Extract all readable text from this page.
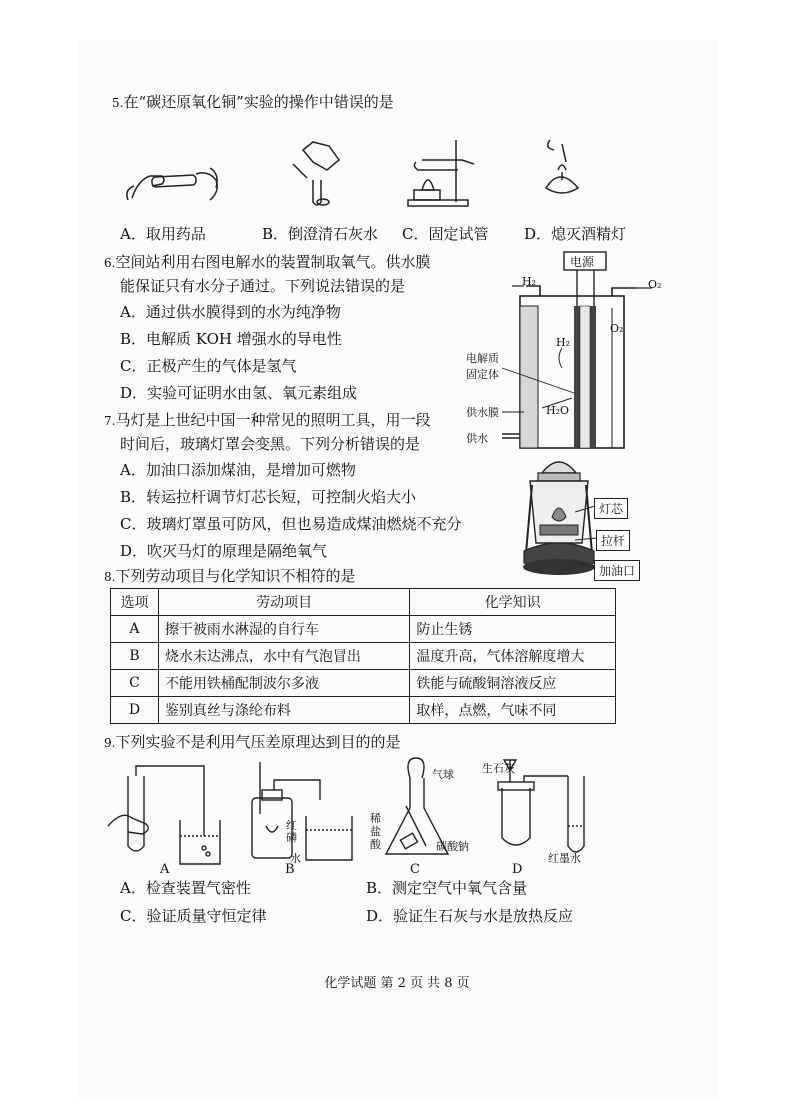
5.在“碳还原氧化铜”实验的操作中错误的是
A．取用药品	B．倒澄清石灰水 C．固定试管 D．熄灭酒精灯
6.空间站利用右图电解水的装置制取氧气。供水膜
能保证只有水分子通过。下列说法错误的是
A．通过供水膜得到的水为纯净物
B．电解质 KOH 增强水的导电性
C．正极产生的气体是氢气
D．实验可证明水由氢、氧元素组成
电源
H₂	O₂
H₂
O₂
电解质
固定体
供水膜	H₂O
供水
7.马灯是上世纪中国一种常见的照明工具，用一段
时间后，玻璃灯罩会变黑。下列分析错误的是
A．加油口添加煤油，是增加可燃物
B．转运拉杆调节灯芯长短，可控制火焰大小
C．玻璃灯罩虽可防风，但也易造成煤油燃烧不充分
D．吹灭马灯的原理是隔绝氧气
灯芯
拉杆
加油口
8.下列劳动项目与化学知识不相符的是
选项	劳动项目	化学知识
A	擦干被雨水淋湿的自行车	防止生锈
B	烧水未达沸点，水中有气泡冒出	温度升高，气体溶解度增大
C	不能用铁桶配制波尔多液	铁能与硫酸铜溶液反应
D	鉴别真丝与涤纶布料	取样，点燃，气味不同
9.下列实验不是利用气压差原理达到目的的是
A	B	C	D
红磷
水
气球
稀盐酸	碳酸钠
生石灰
红墨水
A．检查装置气密性	B．测定空气中氧气含量
C．验证质量守恒定律	D．验证生石灰与水是放热反应
化学试题 第 2 页 共 8 页
